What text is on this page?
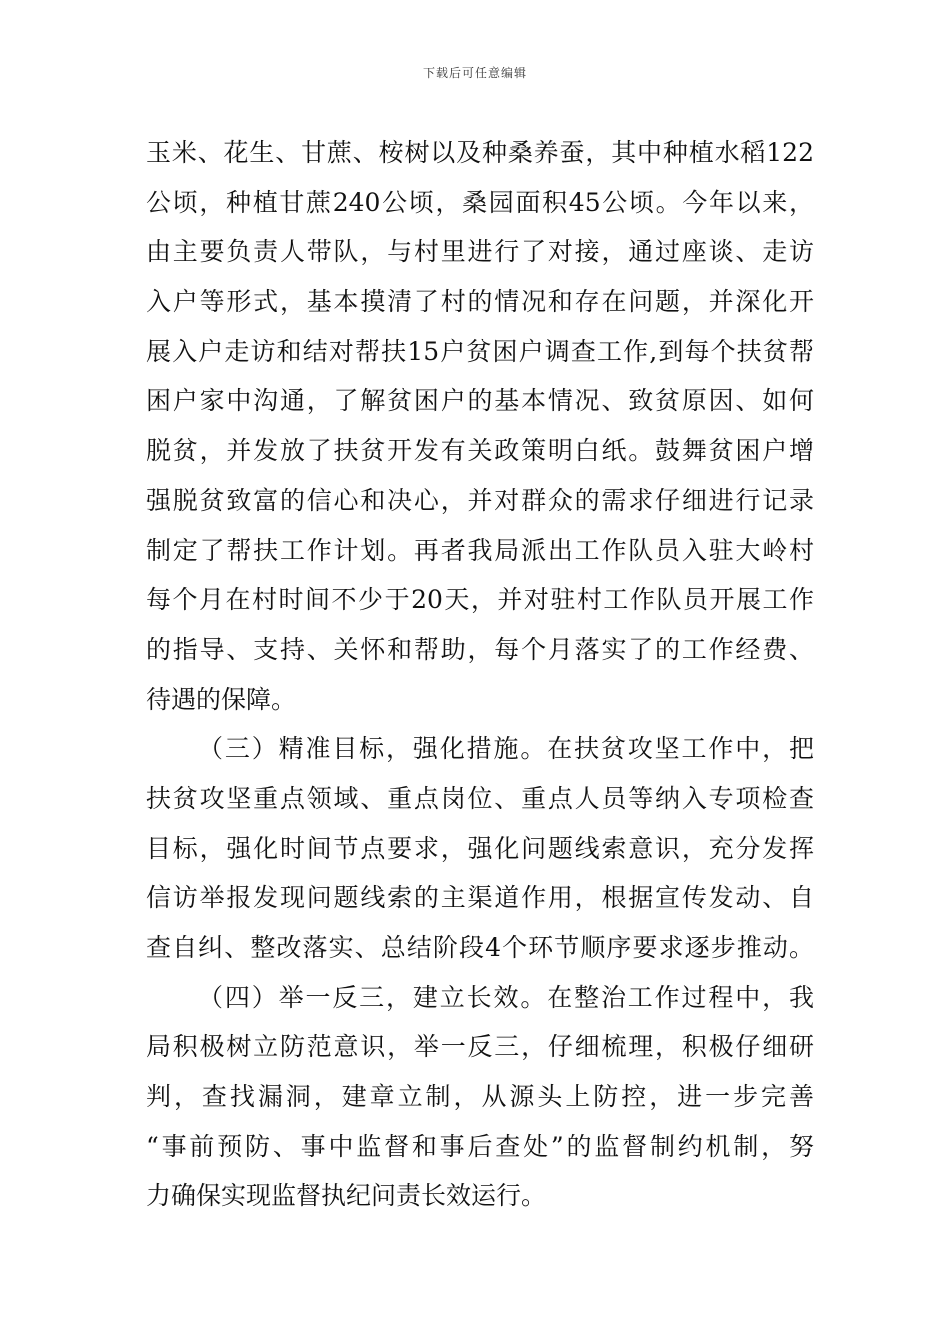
下载后可任意编辑
玉米、花生、甘蔗、桉树以及种桑养蚕，其中种植水稻122
公顷，种植甘蔗240公顷，桑园面积45公顷。今年以来，
由主要负责人带队，与村里进行了对接，通过座谈、走访
入户等形式，基本摸清了村的情况和存在问题，并深化开
展入户走访和结对帮扶15户贫困户调查工作,到每个扶贫帮
困户家中沟通，了解贫困户的基本情况、致贫原因、如何
脱贫，并发放了扶贫开发有关政策明白纸。鼓舞贫困户增
强脱贫致富的信心和决心，并对群众的需求仔细进行记录
制定了帮扶工作计划。再者我局派出工作队员入驻大岭村
每个月在村时间不少于20天，并对驻村工作队员开展工作
的指导、支持、关怀和帮助，每个月落实了的工作经费、
待遇的保障。
（三）精准目标，强化措施。在扶贫攻坚工作中，把
扶贫攻坚重点领域、重点岗位、重点人员等纳入专项检查
目标，强化时间节点要求，强化问题线索意识，充分发挥
信访举报发现问题线索的主渠道作用，根据宣传发动、自
查自纠、整改落实、总结阶段4个环节顺序要求逐步推动。
（四）举一反三，建立长效。在整治工作过程中，我
局积极树立防范意识，举一反三，仔细梳理，积极仔细研
判，查找漏洞，建章立制，从源头上防控，进一步完善
“事前预防、事中监督和事后查处”的监督制约机制，努
力确保实现监督执纪问责长效运行。
